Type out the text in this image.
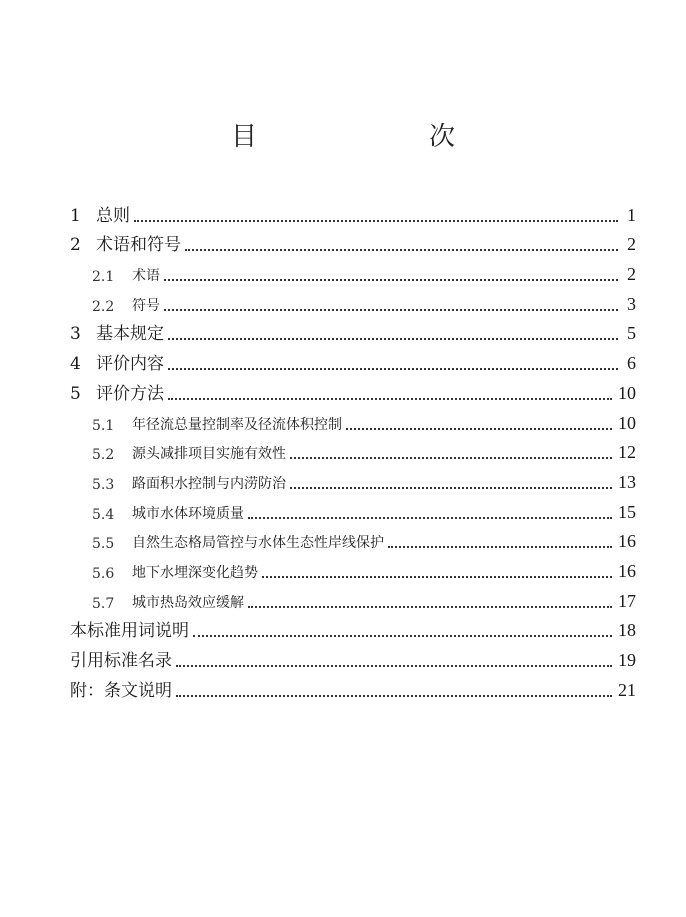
目　　次
1 总则	1
2 术语和符号	2
2.1	术语	2
2.2	符号	3
3 基本规定	5
4 评价内容	6
5 评价方法	10
5.1	年径流总量控制率及径流体积控制	10
5.2	源头减排项目实施有效性	12
5.3	路面积水控制与内涝防治	13
5.4	城市水体环境质量	15
5.5	自然生态格局管控与水体生态性岸线保护	16
5.6	地下水埋深变化趋势	16
5.7	城市热岛效应缓解	17
本标准用词说明	18
引用标准名录	19
附：条文说明	21
